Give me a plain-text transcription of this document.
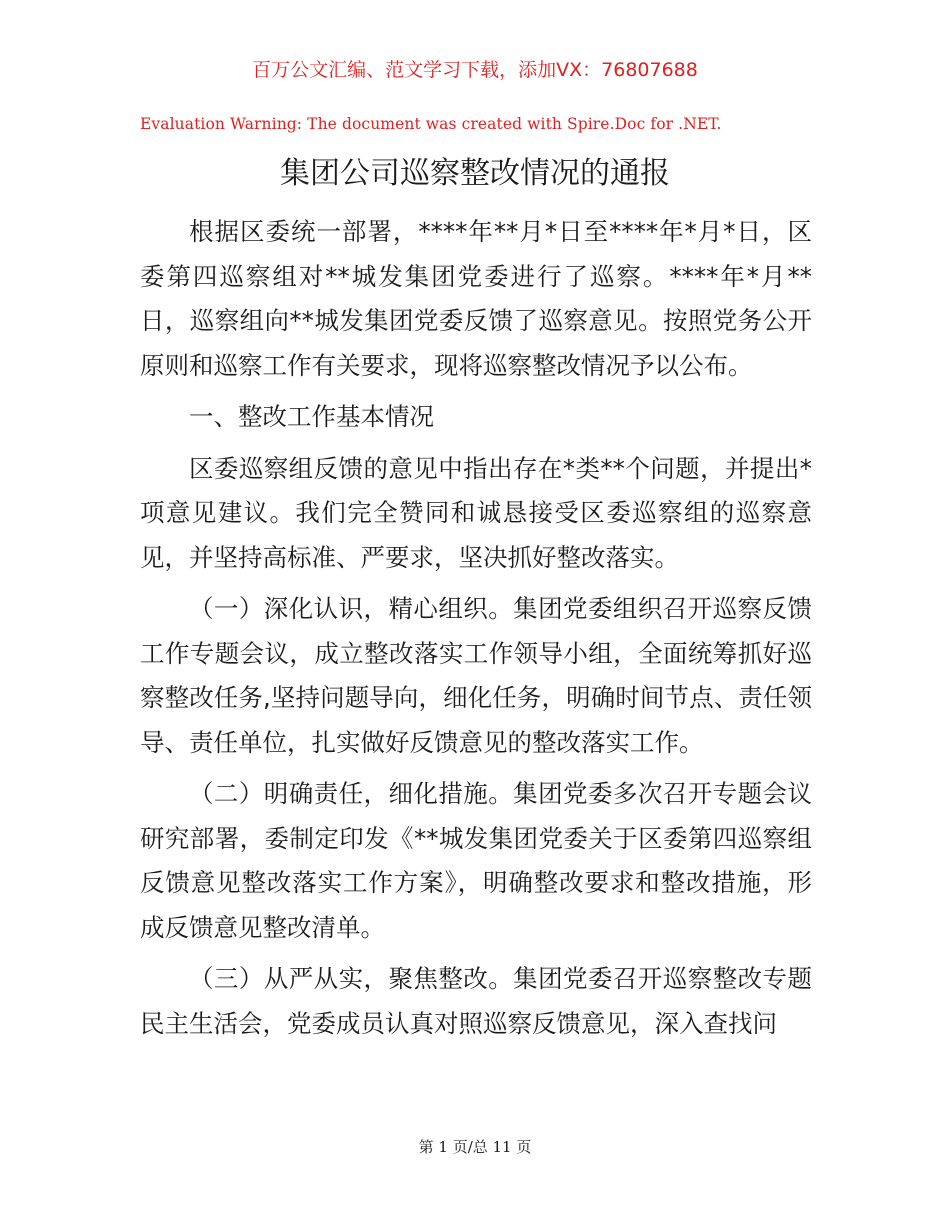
百万公文汇编、范文学习下载，添加VX：76807688
Evaluation Warning: The document was created with Spire.Doc for .NET.
集团公司巡察整改情况的通报

根据区委统一部署，****年**月*日至****年*月*日，区委第四巡察组对**城发集团党委进行了巡察。****年*月**日，巡察组向**城发集团党委反馈了巡察意见。按照党务公开原则和巡察工作有关要求，现将巡察整改情况予以公布。

一、整改工作基本情况

区委巡察组反馈的意见中指出存在*类**个问题，并提出*项意见建议。我们完全赞同和诚恳接受区委巡察组的巡察意见，并坚持高标准、严要求，坚决抓好整改落实。

（一）深化认识，精心组织。集团党委组织召开巡察反馈工作专题会议，成立整改落实工作领导小组，全面统筹抓好巡察整改任务,坚持问题导向，细化任务，明确时间节点、责任领导、责任单位，扎实做好反馈意见的整改落实工作。

（二）明确责任，细化措施。集团党委多次召开专题会议研究部署，委制定印发《**城发集团党委关于区委第四巡察组反馈意见整改落实工作方案》，明确整改要求和整改措施，形成反馈意见整改清单。

（三）从严从实，聚焦整改。集团党委召开巡察整改专题民主生活会，党委成员认真对照巡察反馈意见，深入查找问

第 1 页/总 11 页
